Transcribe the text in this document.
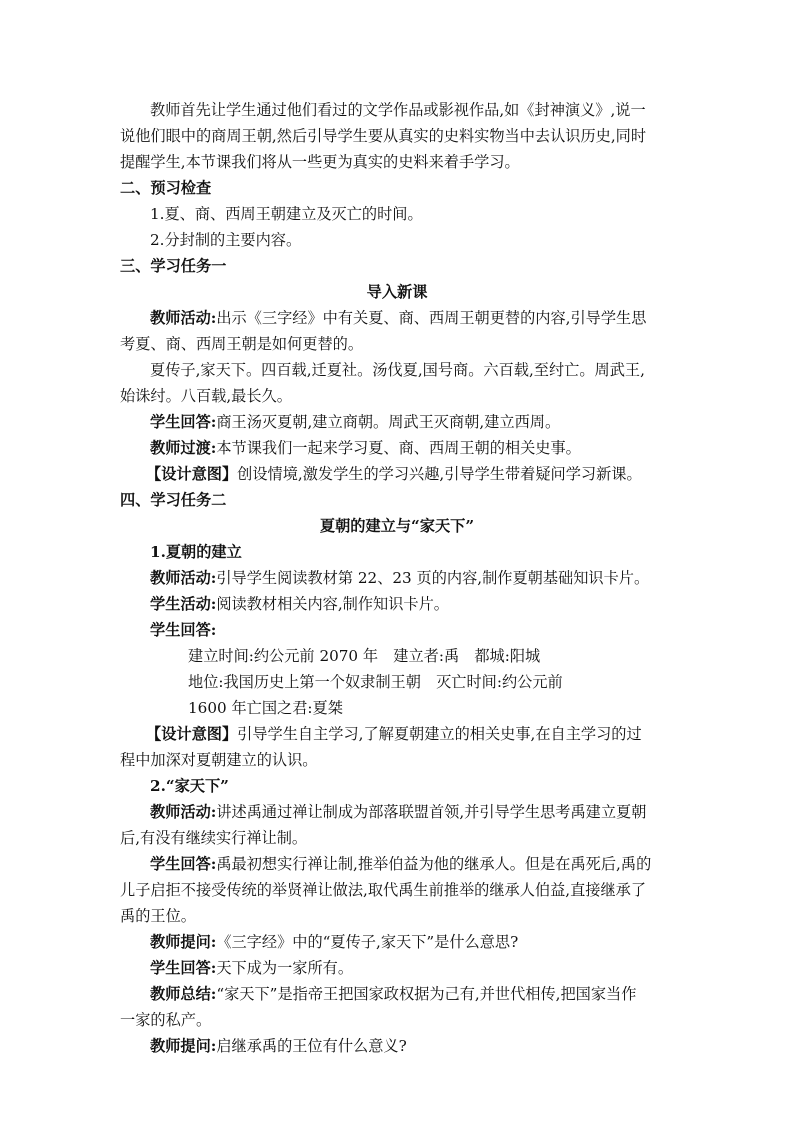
教师首先让学生通过他们看过的文学作品或影视作品,如《封神演义》,说一
说他们眼中的商周王朝,然后引导学生要从真实的史料实物当中去认识历史,同时
提醒学生,本节课我们将从一些更为真实的史料来着手学习。
二、预习检查
1.夏、商、西周王朝建立及灭亡的时间。
2.分封制的主要内容。
三、学习任务一
导入新课
教师活动:出示《三字经》中有关夏、商、西周王朝更替的内容,引导学生思
考夏、商、西周王朝是如何更替的。
夏传子,家天下。四百载,迁夏社。汤伐夏,国号商。六百载,至纣亡。周武王,
始诛纣。八百载,最长久。
学生回答:商王汤灭夏朝,建立商朝。周武王灭商朝,建立西周。
教师过渡:本节课我们一起来学习夏、商、西周王朝的相关史事。
【设计意图】创设情境,激发学生的学习兴趣,引导学生带着疑问学习新课。
四、学习任务二
夏朝的建立与“家天下”
1.夏朝的建立
教师活动:引导学生阅读教材第 22、23 页的内容,制作夏朝基础知识卡片。
学生活动:阅读教材相关内容,制作知识卡片。
学生回答:
建立时间:约公元前 2070 年　建立者:禹　都城:阳城
地位:我国历史上第一个奴隶制王朝　灭亡时间:约公元前
1600 年亡国之君:夏桀
【设计意图】引导学生自主学习,了解夏朝建立的相关史事,在自主学习的过
程中加深对夏朝建立的认识。
2.“家天下”
教师活动:讲述禹通过禅让制成为部落联盟首领,并引导学生思考禹建立夏朝
后,有没有继续实行禅让制。
学生回答:禹最初想实行禅让制,推举伯益为他的继承人。但是在禹死后,禹的
儿子启拒不接受传统的举贤禅让做法,取代禹生前推举的继承人伯益,直接继承了
禹的王位。
教师提问:《三字经》中的“夏传子,家天下”是什么意思?
学生回答:天下成为一家所有。
教师总结:“家天下”是指帝王把国家政权据为己有,并世代相传,把国家当作
一家的私产。
教师提问:启继承禹的王位有什么意义?
